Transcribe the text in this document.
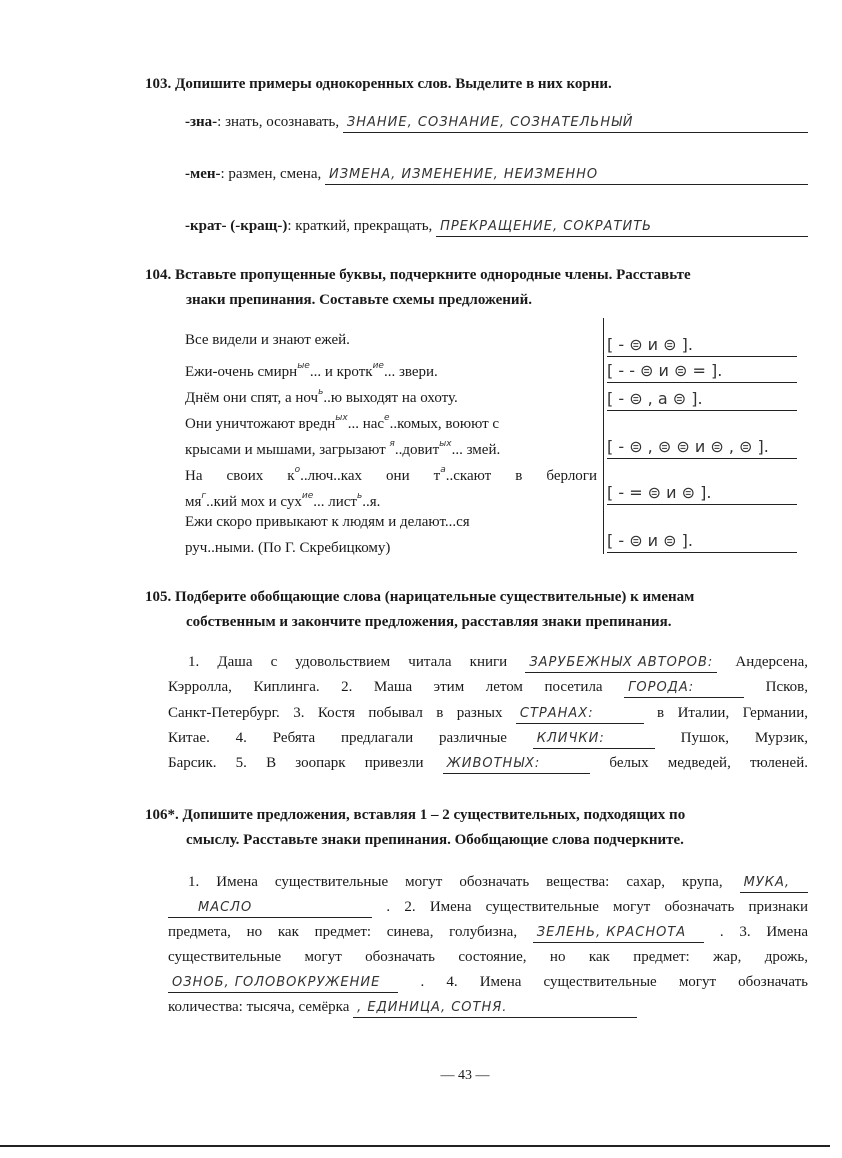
103. Допишите примеры однокоренных слов. Выделите в них корни.
104. Вставьте пропущенные буквы, подчеркните однородные члены. Расставьте
знаки препинания. Составьте схемы предложений.
105. Подберите обобщающие слова (нарицательные существительные) к именам
собственным и закончите предложения, расставляя знаки препинания.
106*. Допишите предложения, вставляя 1 – 2 существительных, подходящих по
смыслу. Расставьте знаки препинания. Обобщающие слова подчеркните.
— 43 —
-зна- : знать, осознавать, ЗНАНИЕ, СОЗНАНИЕ, СОЗНАТЕЛЬНЫЙ
-мен- : размен, смена, ИЗМЕНА, ИЗМЕНЕНИЕ, НЕИЗМЕННО
-крат- (-кращ-) : краткий, прекращать, ПРЕКРАЩЕНИЕ, СОКРАТИТЬ
Все видели и знают ежей.
Ежи-очень смирн$^{ые}$... и кротк$^{ие}$... звери.
Днём они спят, а ноч$^ь$..ю выходят на охоту.
Они уничтожают вредн$^{ых}$... нас$^е$..комых, воюют с
крысами и мышами, загрызают $^я$..довит$^{ых}$... змей.
На своих $к^о..люч..ках$ они $т^а..скают$ в берлоги
$мя^г..кий$ мох и сух$^{ие}$... лист$^ь$..я.
Ежи скоро привыкают к людям и делают...ся
руч..ными. (По Г. Скребицкому)
1. Даша с удовольствием читала книги ЗАРУБЕЖНЫХ АВТОРОВ: Андерсена,
Кэрролла, Киплинга. 2. Маша этим летом посетила ГОРОДА:	Псков,
Санкт-Петербург. 3. Костя побывал в разных СТРАНАХ:	в Италии, Германии,
Китае. 4. Ребята предлагали различные КЛИЧКИ:	Пушок, Мурзик,
Барсик. 5. В зоопарк привезли ЖИВОТНЫХ:	белых медведей, тюленей.
1. Имена существительные могут обозначать вещества: сахар, крупа, МУКА,
МАСЛО	. 2. Имена существительные могут обозначать признаки
предмета, но как предмет: синева, голубизна, ЗЕЛЕНЬ, КРАСНОТА . 3. Имена
существительные могут обозначать состояние, но как предмет: жар, дрожь,
ОЗНОБ, ГОЛОВОКРУЖЕНИЕ . 4. Имена существительные могут обозначать
количества: тысяча, семёрка , ЕДИНИЦА, СОТНЯ.
[ - ⊜ и ⊜ ].
[ - - ⊜ и ⊜ = ].
[ - ⊜ , а ⊜ ].
[ - ⊜ , ⊜ ⊜ и ⊜ , ⊜ ].
[ - = ⊜ и ⊜ ].
[ - ⊜ и ⊜ ].
